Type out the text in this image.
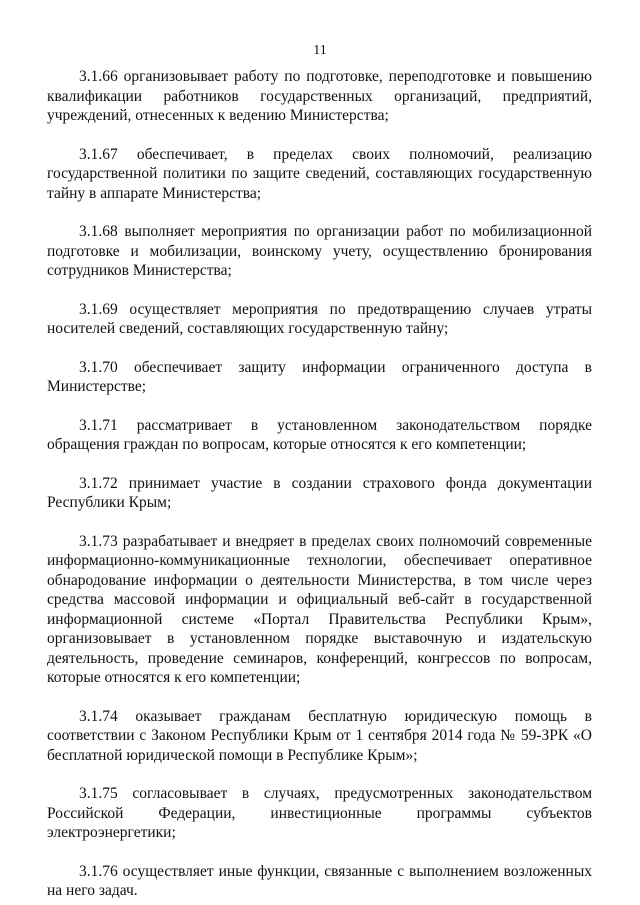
11

3.1.66 организовывает работу по подготовке, переподготовке и повышению квалификации работников государственных организаций, предприятий, учреждений, отнесенных к ведению Министерства;

3.1.67 обеспечивает, в пределах своих полномочий, реализацию государственной политики по защите сведений, составляющих государственную тайну в аппарате Министерства;

3.1.68 выполняет мероприятия по организации работ по мобилизационной подготовке и мобилизации, воинскому учету, осуществлению бронирования сотрудников Министерства;

3.1.69 осуществляет мероприятия по предотвращению случаев утраты носителей сведений, составляющих государственную тайну;

3.1.70 обеспечивает защиту информации ограниченного доступа в Министерстве;

3.1.71 рассматривает в установленном законодательством порядке обращения граждан по вопросам, которые относятся к его компетенции;

3.1.72 принимает участие в создании страхового фонда документации Республики Крым;

3.1.73 разрабатывает и внедряет в пределах своих полномочий современные информационно-коммуникационные технологии, обеспечивает оперативное обнародование информации о деятельности Министерства, в том числе через средства массовой информации и официальный веб-сайт в государственной информационной системе «Портал Правительства Республики Крым», организовывает в установленном порядке выставочную и издательскую деятельность, проведение семинаров, конференций, конгрессов по вопросам, которые относятся к его компетенции;

3.1.74 оказывает гражданам бесплатную юридическую помощь в соответствии с Законом Республики Крым от 1 сентября 2014 года № 59-ЗРК «О бесплатной юридической помощи в Республике Крым»;

3.1.75 согласовывает в случаях, предусмотренных законодательством Российской Федерации, инвестиционные программы субъектов электроэнергетики;

3.1.76 осуществляет иные функции, связанные с выполнением возложенных на него задач.
